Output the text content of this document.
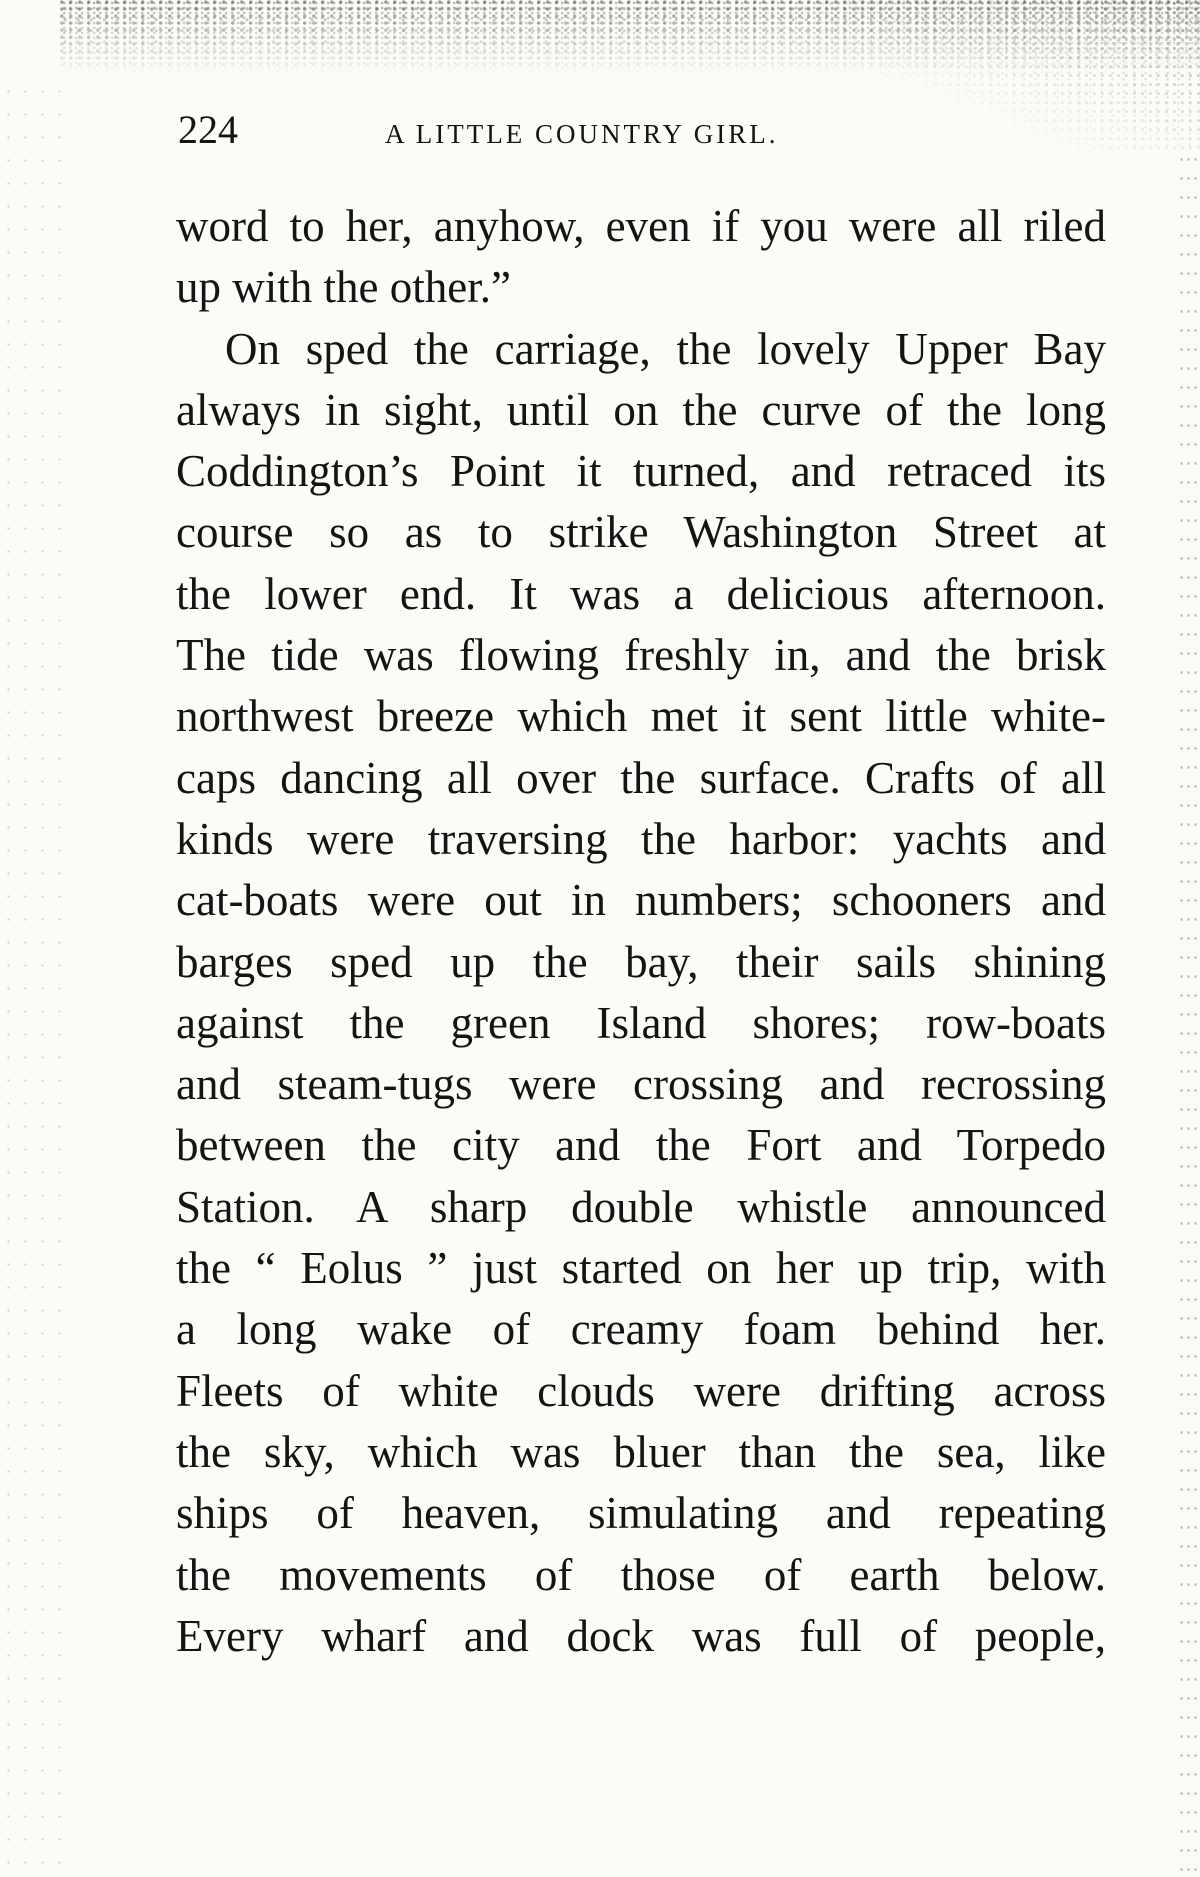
224	A LITTLE COUNTRY GIRL.
word to her, anyhow, even if you were all riled
up with the other.”
On sped the carriage, the lovely Upper Bay
always in sight, until on the curve of the long
Coddington’s Point it turned, and retraced its
course so as to strike Washington Street at
the lower end. It was a delicious afternoon.
The tide was flowing freshly in, and the brisk
northwest breeze which met it sent little white-
caps dancing all over the surface. Crafts of all
kinds were traversing the harbor: yachts and
cat-boats were out in numbers; schooners and
barges sped up the bay, their sails shining
against the green Island shores; row-boats
and steam-tugs were crossing and recrossing
between the city and the Fort and Torpedo
Station. A sharp double whistle announced
the “ Eolus ” just started on her up trip, with
a long wake of creamy foam behind her.
Fleets of white clouds were drifting across
the sky, which was bluer than the sea, like
ships of heaven, simulating and repeating
the movements of those of earth below.
Every wharf and dock was full of people,
